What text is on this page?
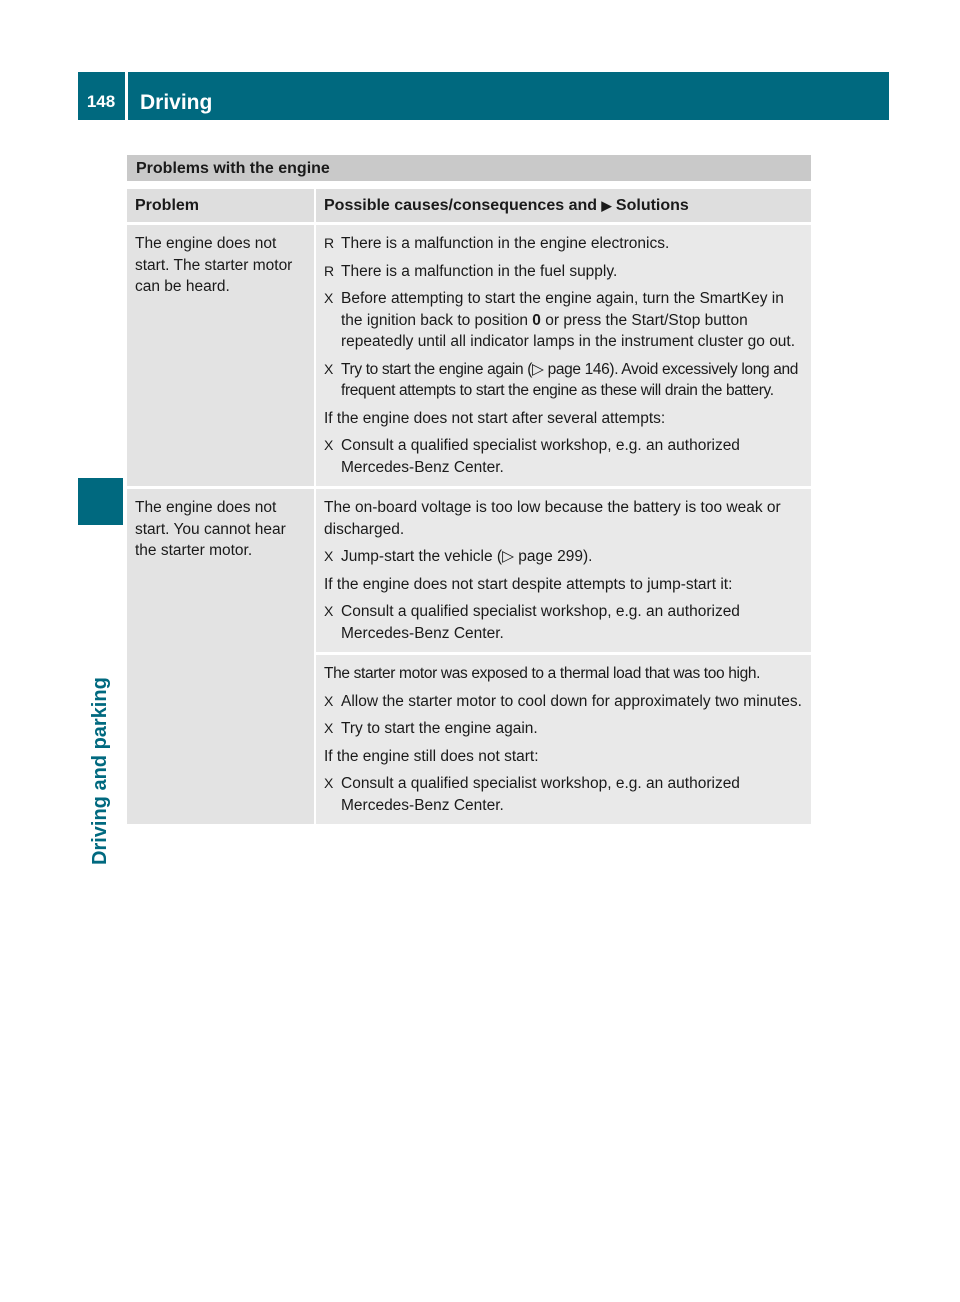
148	Driving
Driving and parking
Problems with the engine
Problem	Possible causes/consequences and ▶ Solutions
The engine does not start. The starter motor can be heard.
R There is a malfunction in the engine electronics.
R There is a malfunction in the fuel supply.
X Before attempting to start the engine again, turn the SmartKey in the ignition back to position 0 or press the Start/Stop button repeatedly until all indicator lamps in the instrument cluster go out.
X Try to start the engine again (▷ page 146). Avoid excessively long and frequent attempts to start the engine as these will drain the battery.
If the engine does not start after several attempts:
X Consult a qualified specialist workshop, e.g. an authorized Mercedes-Benz Center.
The engine does not start. You cannot hear the starter motor.
The on-board voltage is too low because the battery is too weak or discharged.
X Jump-start the vehicle (▷ page 299).
If the engine does not start despite attempts to jump-start it:
X Consult a qualified specialist workshop, e.g. an authorized Mercedes-Benz Center.
The starter motor was exposed to a thermal load that was too high.
X Allow the starter motor to cool down for approximately two minutes.
X Try to start the engine again.
If the engine still does not start:
X Consult a qualified specialist workshop, e.g. an authorized Mercedes-Benz Center.
